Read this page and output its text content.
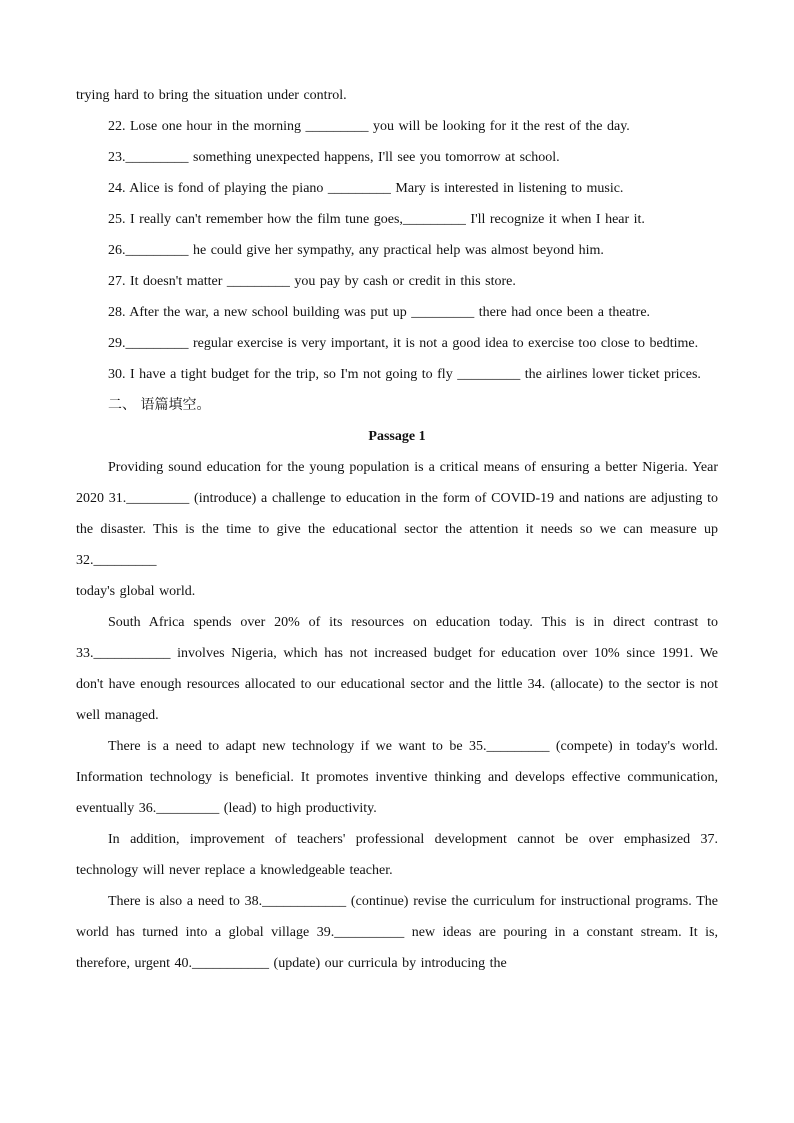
trying hard to bring the situation under control.

22. Lose one hour in the morning _________ you will be looking for it the rest of the day.

23._________ something unexpected happens, I'll see you tomorrow at school.

24. Alice is fond of playing the piano _________ Mary is interested in listening to music.

25. I really can't remember how the film tune goes,_________ I'll recognize it when I hear it.

26._________ he could give her sympathy, any practical help was almost beyond him.

27. It doesn't matter _________ you pay by cash or credit in this store.

28. After the war, a new school building was put up _________ there had once been a theatre.

29._________ regular exercise is very important, it is not a good idea to exercise too close to bedtime.

30. I have a tight budget for the trip, so I'm not going to fly _________ the airlines lower ticket prices.

二、 语篇填空。

Passage 1

Providing sound education for the young population is a critical means of ensuring a better Nigeria. Year 2020 31._________ (introduce) a challenge to education in the form of COVID-19 and nations are adjusting to the disaster. This is the time to give the educational sector the attention it needs so we can measure up 32._________

today's global world.

South Africa spends over 20% of its resources on education today. This is in direct contrast to 33.___________ involves Nigeria, which has not increased budget for education over 10% since 1991. We don't have enough resources allocated to our educational sector and the little 34. (allocate) to the sector is not well managed.

There is a need to adapt new technology if we want to be 35._________ (compete) in today's world. Information technology is beneficial. It promotes inventive thinking and develops effective communication, eventually 36._________ (lead) to high productivity.

In addition, improvement of teachers' professional development cannot be over emphasized 37. technology will never replace a knowledgeable teacher.

There is also a need to 38.____________ (continue) revise the curriculum for instructional programs. The world has turned into a global village 39.__________ new ideas are pouring in a constant stream. It is, therefore, urgent 40.___________ (update) our curricula by introducing the
